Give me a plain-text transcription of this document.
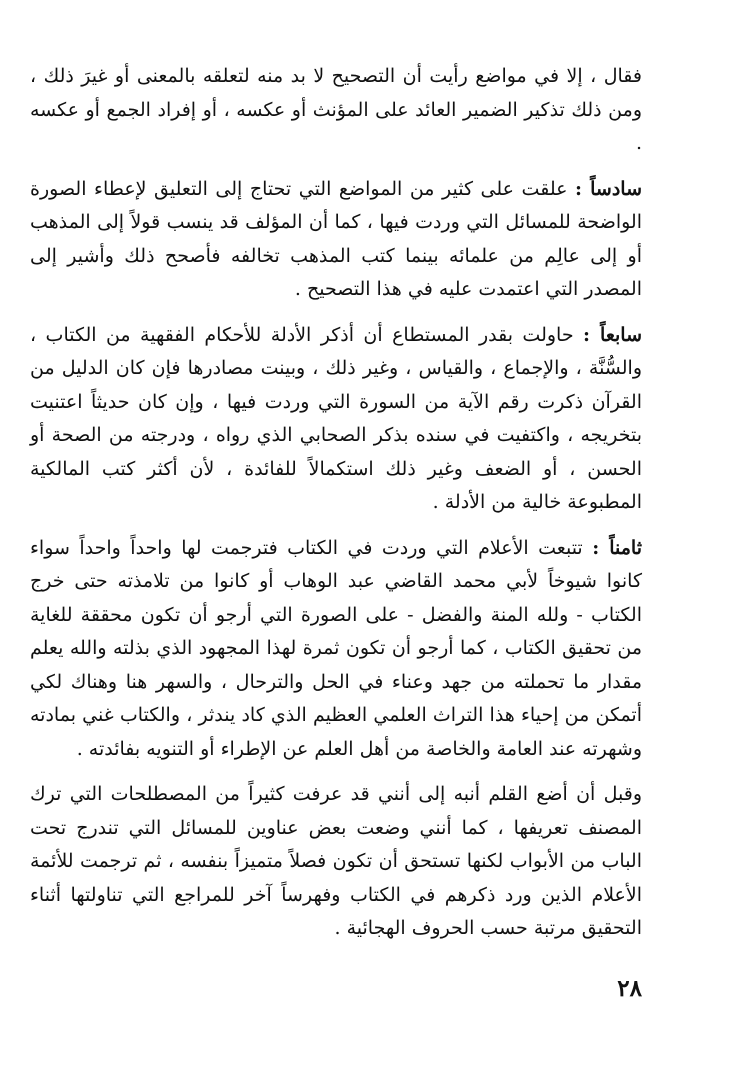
فقال ، إلا في مواضع رأيت أن التصحيح لا بد منه لتعلقه بالمعنى أو غيرَ ذلك ، ومن ذلك تذكير الضمير العائد على المؤنث أو عكسه ، أو إفراد الجمع أو عكسه .

سادساً : علقت على كثير من المواضع التي تحتاج إلى التعليق لإعطاء الصورة الواضحة للمسائل التي وردت فيها ، كما أن المؤلف قد ينسب قولاً إلى المذهب أو إلى عالِم من علمائه بينما كتب المذهب تخالفه فأصحح ذلك وأشير إلى المصدر التي اعتمدت عليه في هذا التصحيح .

سابعاً : حاولت بقدر المستطاع أن أذكر الأدلة للأحكام الفقهية من الكتاب ، والسُّنَّة ، والإجماع ، والقياس ، وغير ذلك ، وبينت مصادرها فإن كان الدليل من القرآن ذكرت رقم الآية من السورة التي وردت فيها ، وإن كان حديثاً اعتنيت بتخريجه ، واكتفيت في سنده بذكر الصحابي الذي رواه ، ودرجته من الصحة أو الحسن ، أو الضعف وغير ذلك استكمالاً للفائدة ، لأن أكثر كتب المالكية المطبوعة خالية من الأدلة .

ثامناً : تتبعت الأعلام التي وردت في الكتاب فترجمت لها واحداً واحداً سواء كانوا شيوخاً لأبي محمد القاضي عبد الوهاب أو كانوا من تلامذته حتى خرج الكتاب - ولله المنة والفضل - على الصورة التي أرجو أن تكون محققة للغاية من تحقيق الكتاب ، كما أرجو أن تكون ثمرة لهذا المجهود الذي بذلته والله يعلم مقدار ما تحملته من جهد وعناء في الحل والترحال ، والسهر هنا وهناك لكي أتمكن من إحياء هذا التراث العلمي العظيم الذي كاد يندثر ، والكتاب غني بمادته وشهرته عند العامة والخاصة من أهل العلم عن الإطراء أو التنويه بفائدته .

وقبل أن أضع القلم أنبه إلى أنني قد عرفت كثيراً من المصطلحات التي ترك المصنف تعريفها ، كما أنني وضعت بعض عناوين للمسائل التي تندرج تحت الباب من الأبواب لكنها تستحق أن تكون فصلاً متميزاً بنفسه ، ثم ترجمت للأئمة الأعلام الذين ورد ذكرهم في الكتاب وفهرساً آخر للمراجع التي تناولتها أثناء التحقيق مرتبة حسب الحروف الهجائية .

٢٨
